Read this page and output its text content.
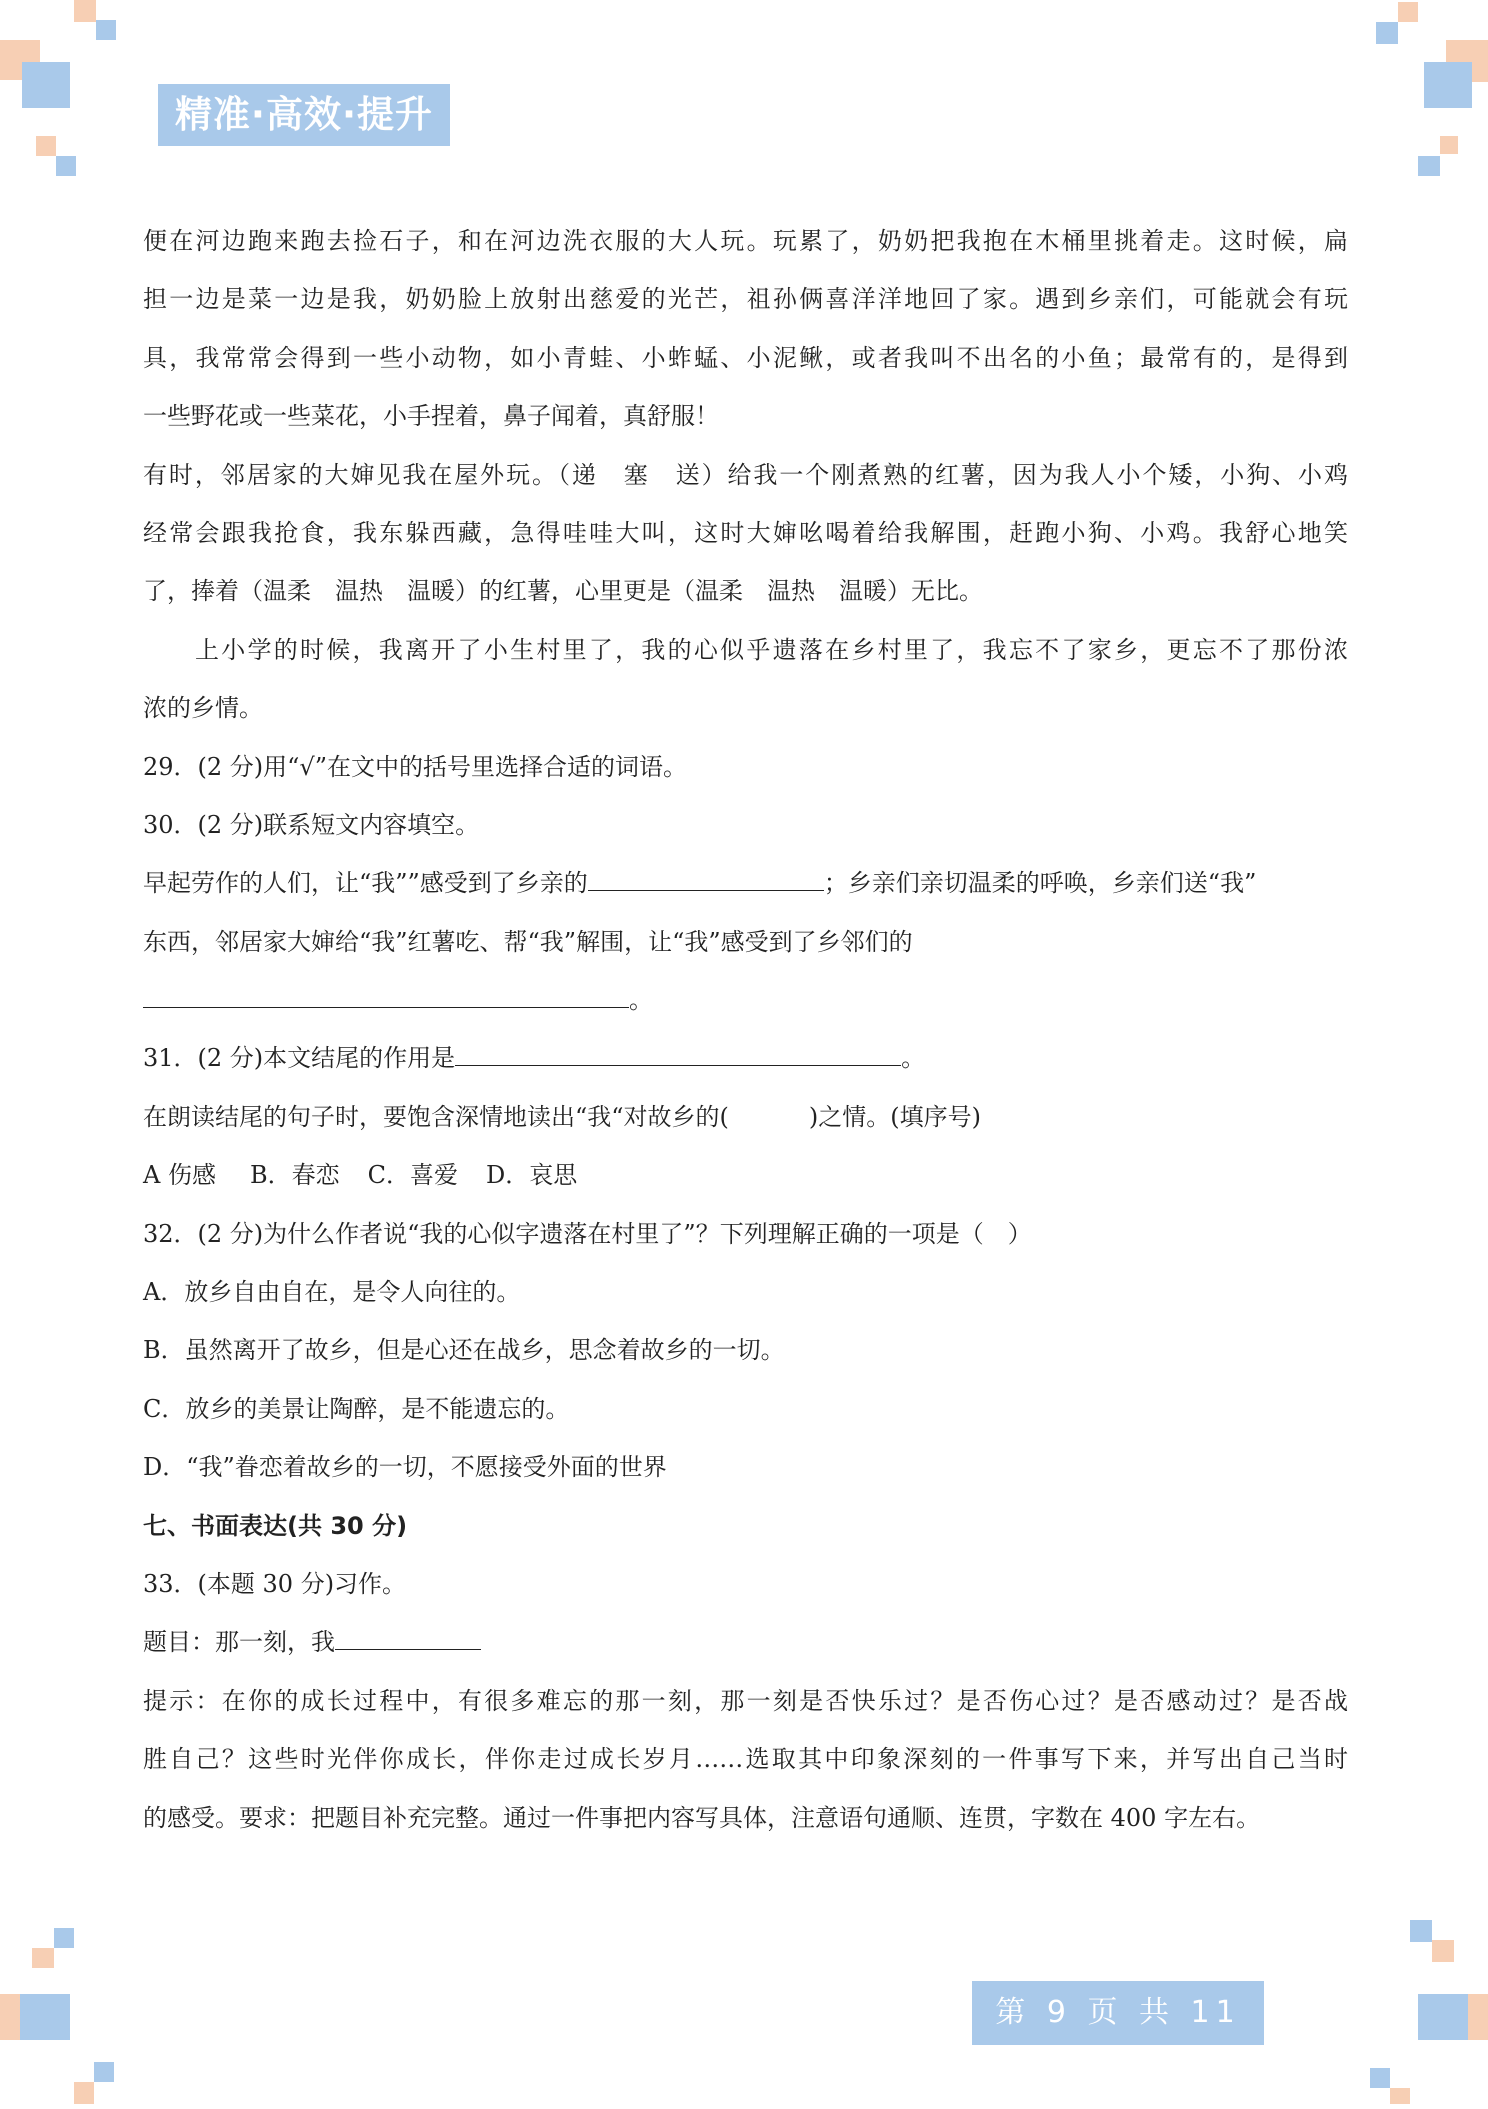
精准·高效·提升
便在河边跑来跑去捡石子，和在河边洗衣服的大人玩。玩累了，奶奶把我抱在木桶里挑着走。这时候，扁
担一边是菜一边是我，奶奶脸上放射出慈爱的光芒，祖孙俩喜洋洋地回了家。遇到乡亲们，可能就会有玩
具，我常常会得到一些小动物，如小青蛙、小蚱蜢、小泥鳅，或者我叫不出名的小鱼；最常有的，是得到
一些野花或一些菜花，小手捏着，鼻子闻着，真舒服！
有时，邻居家的大婶见我在屋外玩。（递　塞　送）给我一个刚煮熟的红薯，因为我人小个矮，小狗、小鸡
经常会跟我抢食，我东躲西藏，急得哇哇大叫，这时大婶吆喝着给我解围，赶跑小狗、小鸡。我舒心地笑
了，捧着（温柔　温热　温暖）的红薯，心里更是（温柔　温热　温暖）无比。
上小学的时候，我离开了小生村里了，我的心似乎遗落在乡村里了，我忘不了家乡，更忘不了那份浓
浓的乡情。
29．(2 分)用“√”在文中的括号里选择合适的词语。
30．(2 分)联系短文内容填空。
早起劳作的人们，让“我””感受到了乡亲的	；乡亲们亲切温柔的呼唤，乡亲们送“我”
东西，邻居家大婶给“我”红薯吃、帮“我”解围，让“我”感受到了乡邻们的
。
31．(2 分)本文结尾的作用是	。
在朗读结尾的句子时，要饱含深情地读出“我“对故乡的(	)之情。(填序号)
A 伤感 B．春恋 C．喜爱 D．哀思
32．(2 分)为什么作者说“我的心似字遗落在村里了”？下列理解正确的一项是（　）
A．放乡自由自在，是令人向往的。
B．虽然离开了故乡，但是心还在战乡，思念着故乡的一切。
C．放乡的美景让陶醉，是不能遗忘的。
D．“我”眷恋着故乡的一切，不愿接受外面的世界
七、书面表达(共 30 分)
33．(本题 30 分)习作。
题目：那一刻，我
提示：在你的成长过程中，有很多难忘的那一刻，那一刻是否快乐过？是否伤心过？是否感动过？是否战
胜自己？这些时光伴你成长，伴你走过成长岁月……选取其中印象深刻的一件事写下来，并写出自己当时
的感受。要求：把题目补充完整。通过一件事把内容写具体，注意语句通顺、连贯，字数在 400 字左右。
第 9 页 共 11 页
